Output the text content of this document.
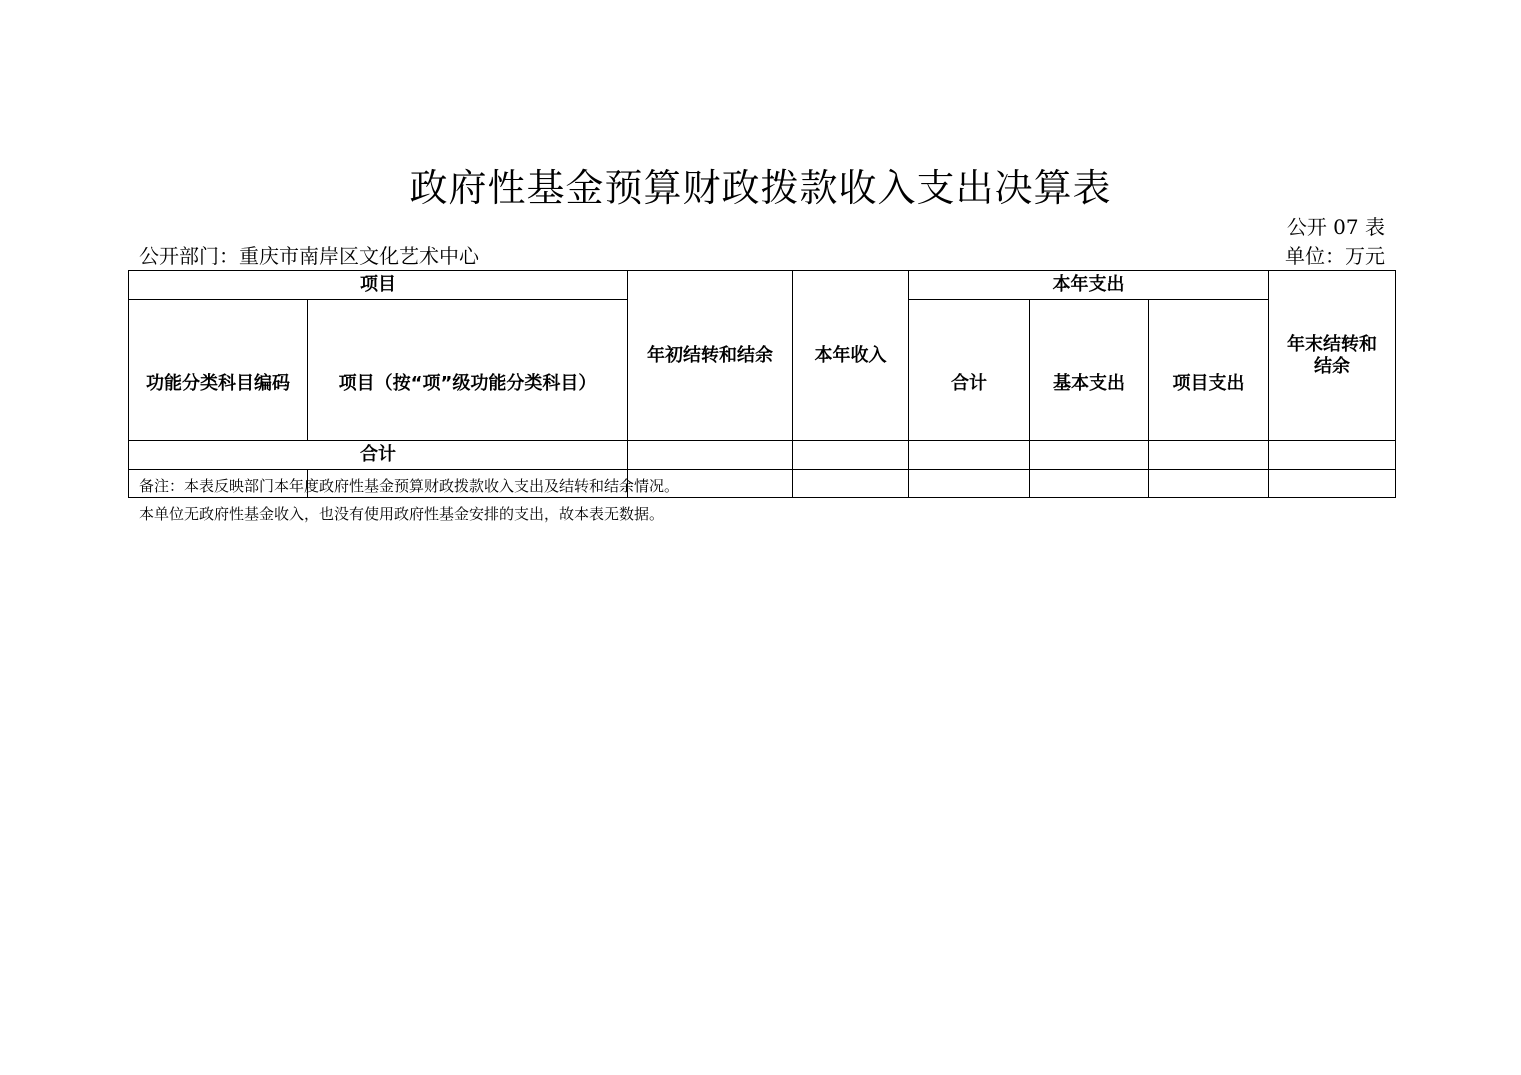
政府性基金预算财政拨款收入支出决算表
公开 07 表
公开部门：重庆市南岸区文化艺术中心	单位：万元
项目		年初结转和结余	本年收入	本年支出			年末结转和
结余
功能分类科目编码	项目（按“项”级功能分类科目）			合计	基本支出	项目支出	
合计							

备注：本表反映部门本年度政府性基金预算财政拨款收入支出及结转和结余情况。
本单位无政府性基金收入，也没有使用政府性基金安排的支出，故本表无数据。
